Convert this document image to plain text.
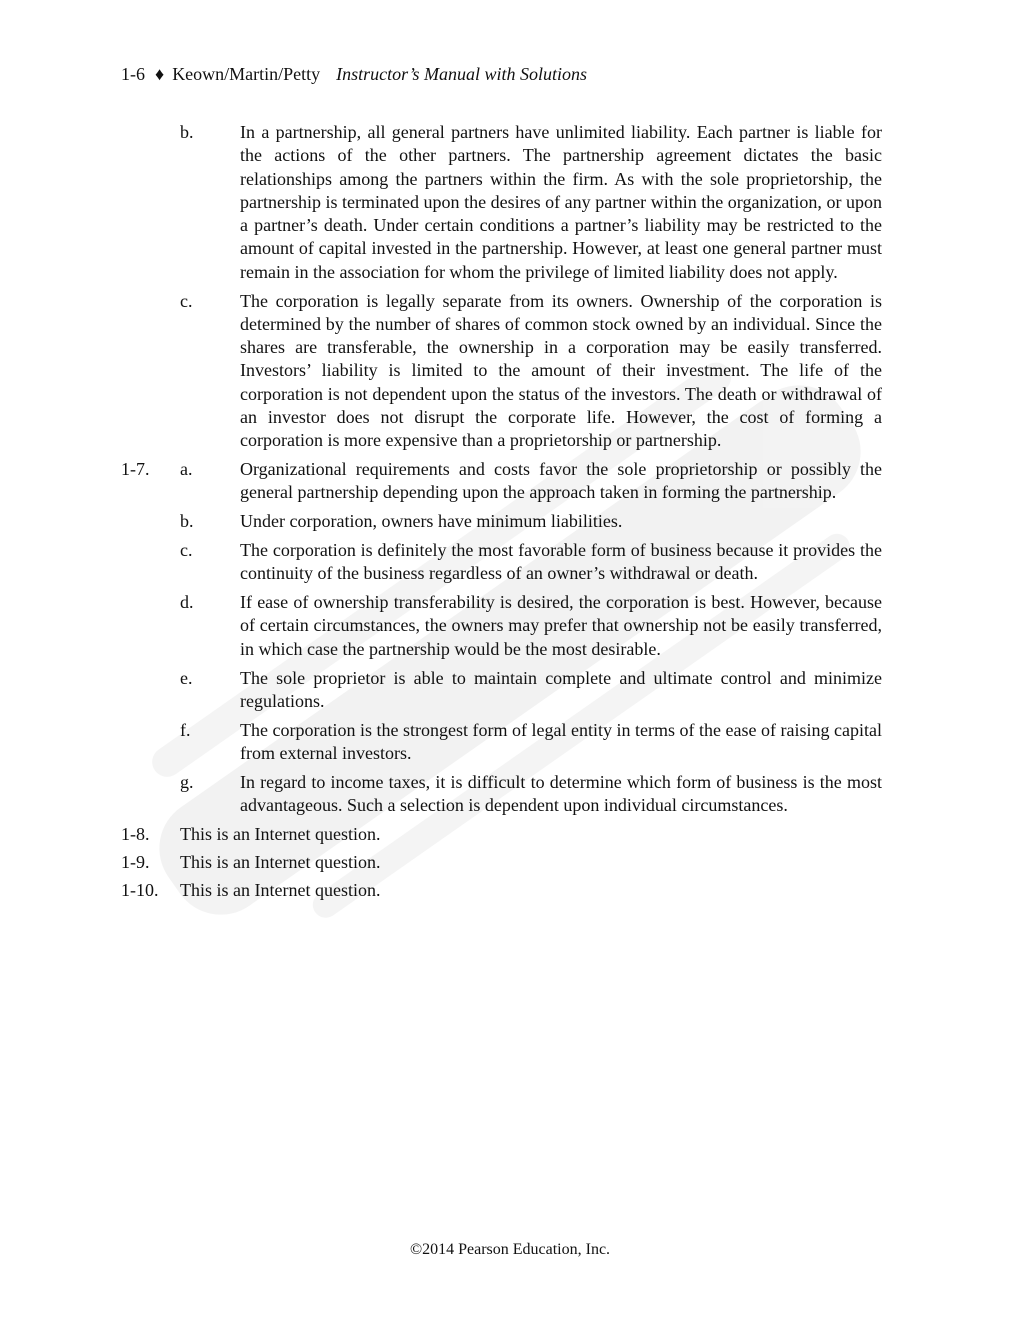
1-6 ♦ Keown/Martin/Petty Instructor’s Manual with Solutions
b.	In a partnership, all general partners have unlimited liability. Each partner is liable for the actions of the other partners. The partnership agreement dictates the basic relationships among the partners within the firm. As with the sole proprietorship, the partnership is terminated upon the desires of any partner within the organization, or upon a partner’s death. Under certain conditions a partner’s liability may be restricted to the amount of capital invested in the partnership. However, at least one general partner must remain in the association for whom the privilege of limited liability does not apply.
c.	The corporation is legally separate from its owners. Ownership of the corporation is determined by the number of shares of common stock owned by an individual. Since the shares are transferable, the ownership in a corporation may be easily transferred. Investors’ liability is limited to the amount of their investment. The life of the corporation is not dependent upon the status of the investors. The death or withdrawal of an investor does not disrupt the corporate life. However, the cost of forming a corporation is more expensive than a proprietorship or partnership.
1-7. a.	Organizational requirements and costs favor the sole proprietorship or possibly the general partnership depending upon the approach taken in forming the partnership.
b.	Under corporation, owners have minimum liabilities.
c.	The corporation is definitely the most favorable form of business because it provides the continuity of the business regardless of an owner’s withdrawal or death.
d.	If ease of ownership transferability is desired, the corporation is best. However, because of certain circumstances, the owners may prefer that ownership not be easily transferred, in which case the partnership would be the most desirable.
e.	The sole proprietor is able to maintain complete and ultimate control and minimize regulations.
f.	The corporation is the strongest form of legal entity in terms of the ease of raising capital from external investors.
g.	In regard to income taxes, it is difficult to determine which form of business is the most advantageous. Such a selection is dependent upon individual circumstances.
1-8. This is an Internet question.
1-9. This is an Internet question.
1-10. This is an Internet question.
©2014 Pearson Education, Inc.
